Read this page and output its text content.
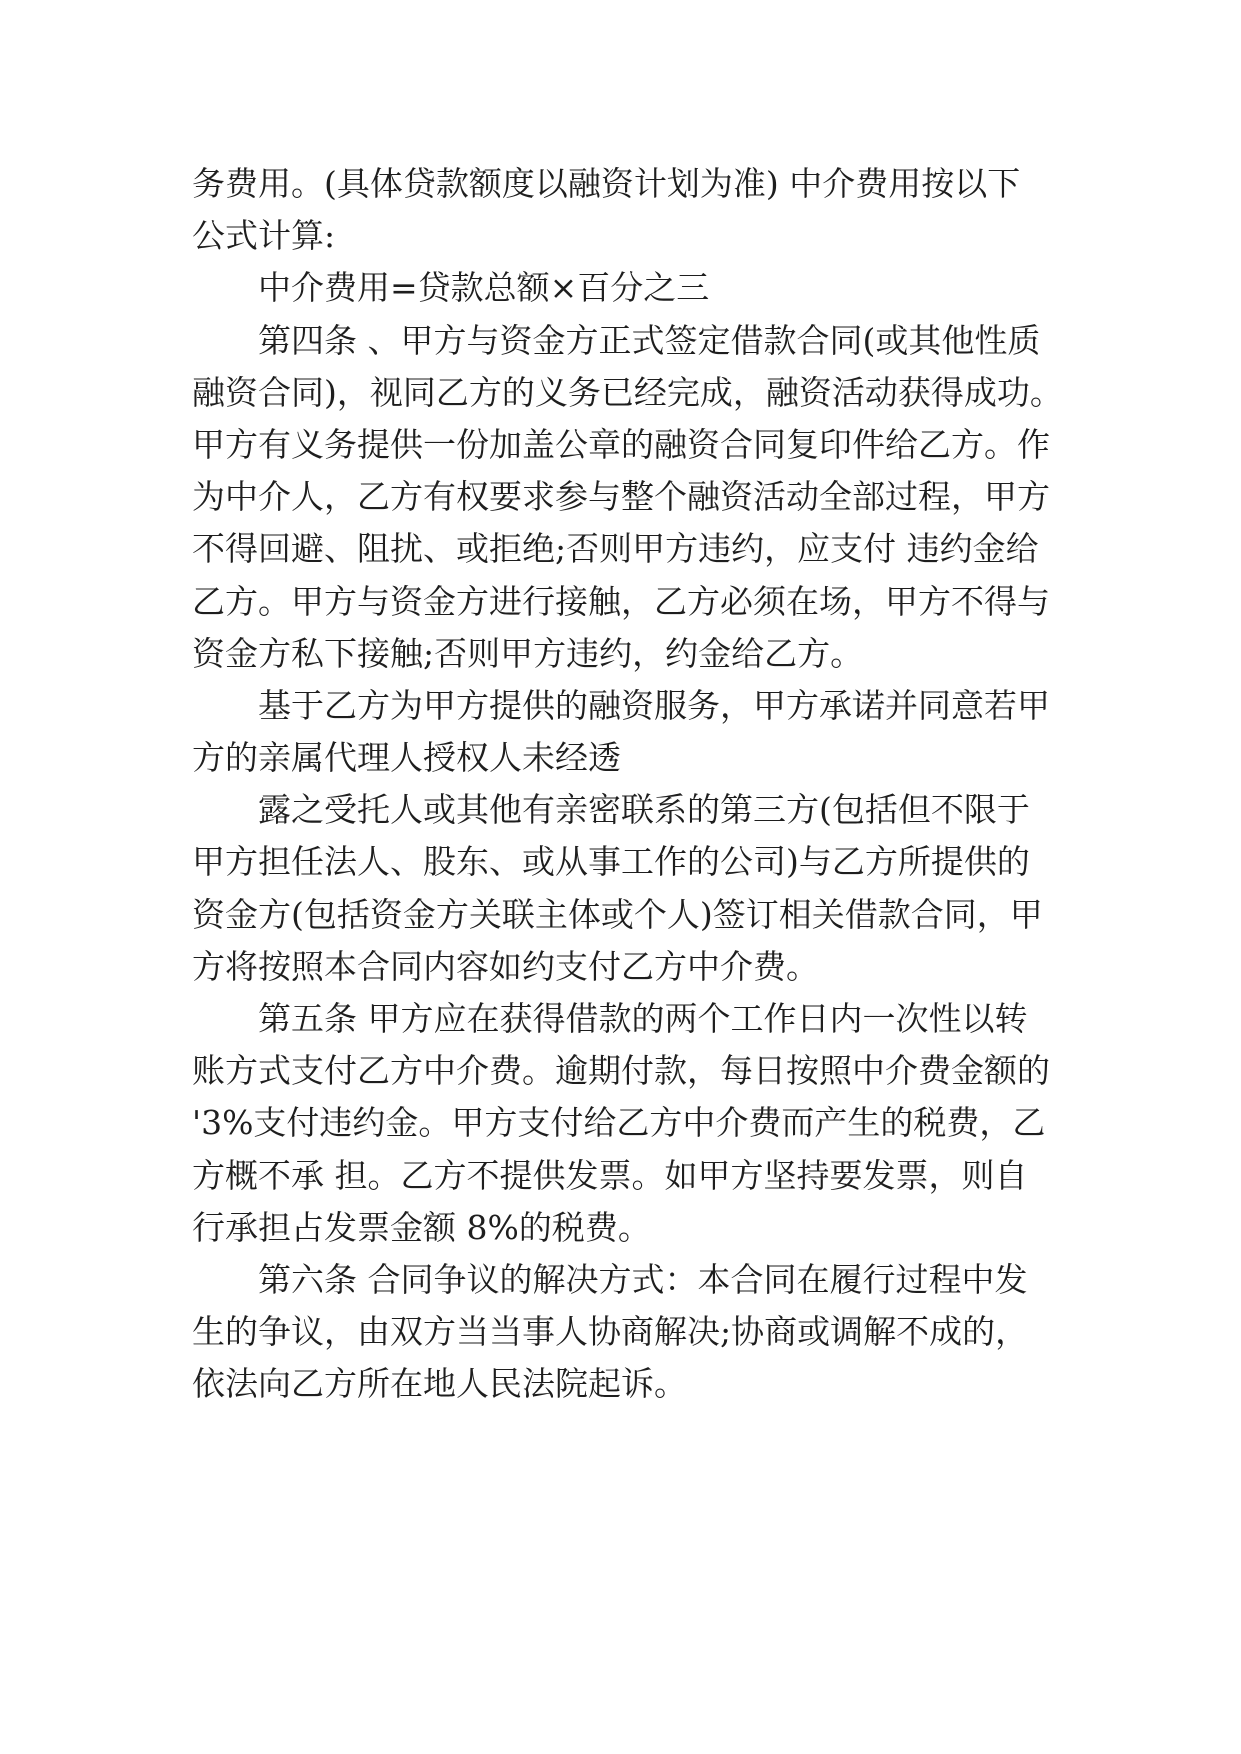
务费用。(具体贷款额度以融资计划为准) 中介费用按以下
公式计算:
中介费用=贷款总额×百分之三
第四条 、甲方与资金方正式签定借款合同(或其他性质
融资合同)，视同乙方的义务已经完成，融资活动获得成功。
甲方有义务提供一份加盖公章的融资合同复印件给乙方。作
为中介人，乙方有权要求参与整个融资活动全部过程，甲方
不得回避、阻扰、或拒绝;否则甲方违约，应支付 违约金给
乙方。甲方与资金方进行接触，乙方必须在场，甲方不得与
资金方私下接触;否则甲方违约，约金给乙方。
基于乙方为甲方提供的融资服务，甲方承诺并同意若甲
方的亲属代理人授权人未经透
露之受托人或其他有亲密联系的第三方(包括但不限于
甲方担任法人、股东、或从事工作的公司)与乙方所提供的
资金方(包括资金方关联主体或个人)签订相关借款合同，甲
方将按照本合同内容如约支付乙方中介费。
第五条 甲方应在获得借款的两个工作日内一次性以转
账方式支付乙方中介费。逾期付款，每日按照中介费金额的
'3%支付违约金。甲方支付给乙方中介费而产生的税费，乙
方概不承 担。乙方不提供发票。如甲方坚持要发票，则自
行承担占发票金额 8%的税费。
第六条 合同争议的解决方式：本合同在履行过程中发
生的争议，由双方当当事人协商解决;协商或调解不成的，
依法向乙方所在地人民法院起诉。
